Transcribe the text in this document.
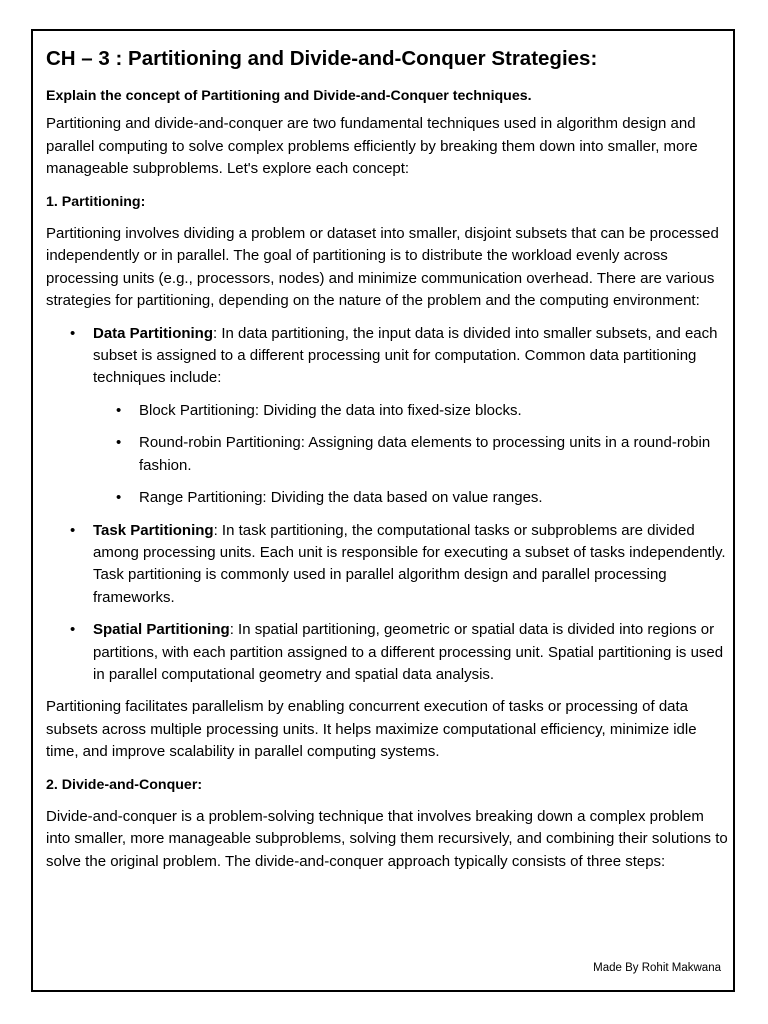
CH – 3 : Partitioning and Divide-and-Conquer Strategies:
Explain the concept of Partitioning and Divide-and-Conquer techniques.

Partitioning and divide-and-conquer are two fundamental techniques used in algorithm design and parallel computing to solve complex problems efficiently by breaking them down into smaller, more manageable subproblems. Let's explore each concept:

1. Partitioning:

Partitioning involves dividing a problem or dataset into smaller, disjoint subsets that can be processed independently or in parallel. The goal of partitioning is to distribute the workload evenly across processing units (e.g., processors, nodes) and minimize communication overhead. There are various strategies for partitioning, depending on the nature of the problem and the computing environment:

• Data Partitioning: In data partitioning, the input data is divided into smaller subsets, and each subset is assigned to a different processing unit for computation. Common data partitioning techniques include:
• Block Partitioning: Dividing the data into fixed-size blocks.
• Round-robin Partitioning: Assigning data elements to processing units in a round-robin fashion.
• Range Partitioning: Dividing the data based on value ranges.
• Task Partitioning: In task partitioning, the computational tasks or subproblems are divided among processing units. Each unit is responsible for executing a subset of tasks independently. Task partitioning is commonly used in parallel algorithm design and parallel processing frameworks.
• Spatial Partitioning: In spatial partitioning, geometric or spatial data is divided into regions or partitions, with each partition assigned to a different processing unit. Spatial partitioning is used in parallel computational geometry and spatial data analysis.

Partitioning facilitates parallelism by enabling concurrent execution of tasks or processing of data subsets across multiple processing units. It helps maximize computational efficiency, minimize idle time, and improve scalability in parallel computing systems.

2. Divide-and-Conquer:

Divide-and-conquer is a problem-solving technique that involves breaking down a complex problem into smaller, more manageable subproblems, solving them recursively, and combining their solutions to solve the original problem. The divide-and-conquer approach typically consists of three steps:

Made By Rohit Makwana
